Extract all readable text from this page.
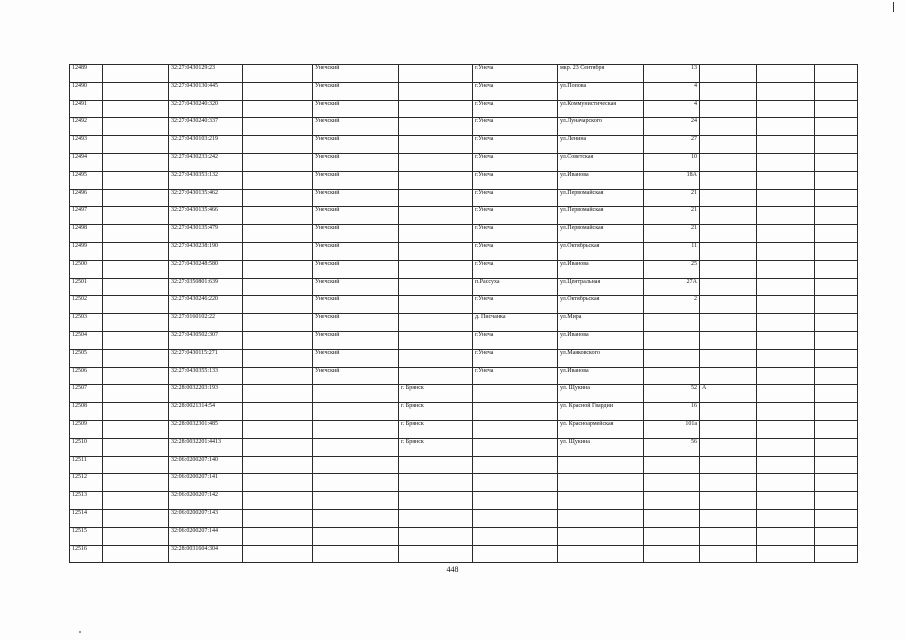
12489		32:27:0430129:23		Унечский		г.Унеча	мкр. 23 Сентября	13			
12490		32:27:0430130:445		Унечский		г.Унеча	ул.Попова	4			
12491		32:27:0430240:320		Унечский		г.Унеча	ул.Коммунистическая	4			
12492		32:27:0430240:337		Унечский		г.Унеча	ул.Луначарского	24			
12493		32:27:0430103:219		Унечский		г.Унеча	ул.Ленина	27			
12494		32:27:0430233:242		Унечский		г.Унеча	ул.Советская	10			
12495		32:27:0430353:132		Унечский		г.Унеча	ул.Иванова	18А			
12496		32:27:0430135:462		Унечский		г.Унеча	ул.Первомайская	21			
12497		32:27:0430135:466		Унечский		г.Унеча	ул.Первомайская	21			
12498		32:27:0430135:479		Унечский		г.Унеча	ул.Первомайская	21			
12499		32:27:0430238:190		Унечский		г.Унеча	ул.Октябрьская	11			
12500		32:27:0430248:580		Унечский		г.Унеча	ул.Иванова	25			
12501		32:27:0350801:639		Унечский		п.Рассуха	ул.Центральная	27А			
12502		32:27:0430246:220		Унечский		г.Унеча	ул.Октябрьская	2			
12503		32:27:0160102:22		Унечский		д. Писчанка	ул.Мира				
12504		32:27:0430502:307		Унечский		г.Унеча	ул.Иванова				
12505		32:27:0430115:271		Унечский		г.Унеча	ул.Маяковского				
12506		32:27:0430355:133		Унечский		г.Унеча	ул.Иванова				
12507		32:28:0032203:193			г. Брянск		ул. Щукина	52	А		
12508		32:28:0021314:54			г. Брянск		ул. Красной Гвардии	16			
12509		32:28:0032301:485			г. Брянск		ул. Красноармейская	101а			
12510		32:28:0032201:4413			г. Брянск		ул. Щукина	56			
12511		32:06:0200207:140									
12512		32:06:0200207:141									
12513		32:06:0200207:142									
12514		32:06:0200207:143									
12515		32:06:0200207:144									
12516		32:28:0031604:304									
448
